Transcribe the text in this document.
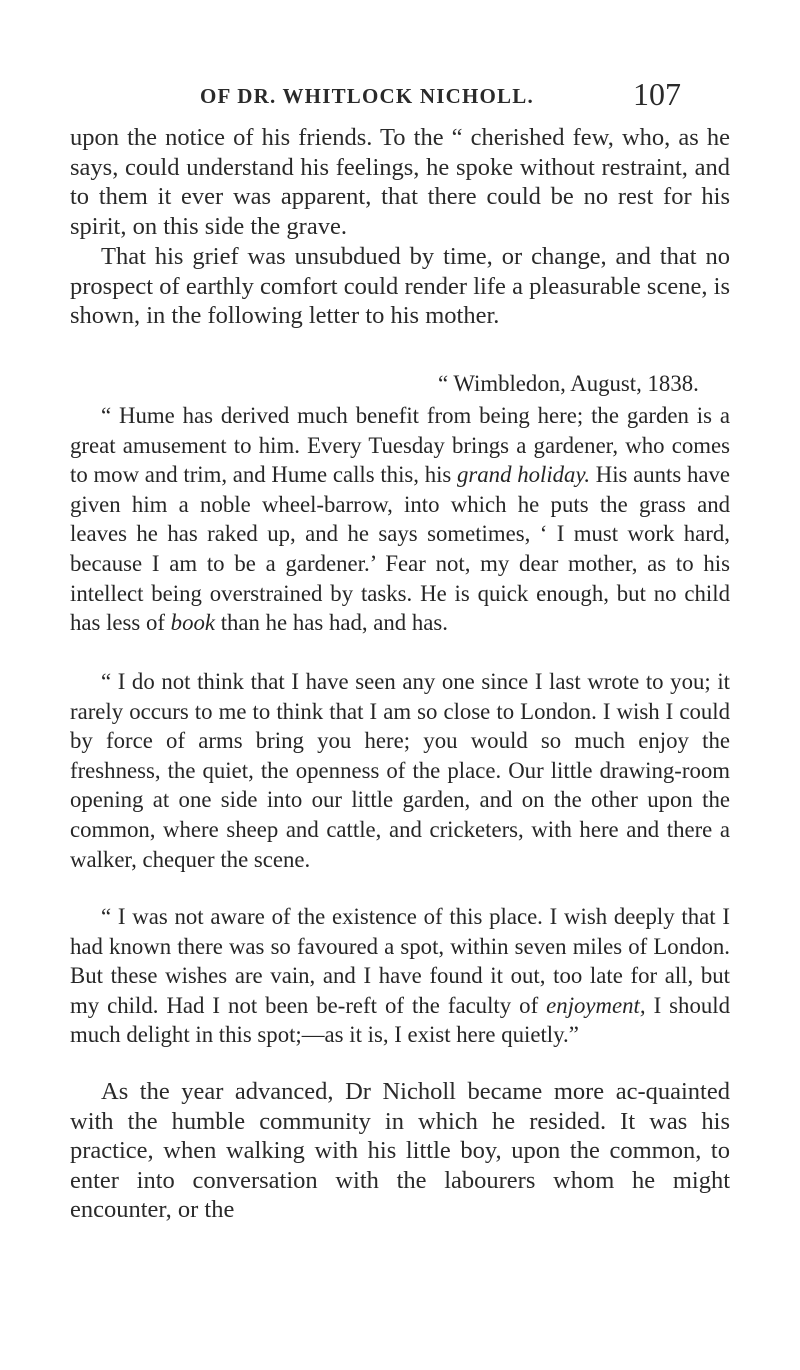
OF DR. WHITLOCK NICHOLL.	107

upon the notice of his friends. To the “ cherished few, who, as he says, could understand his feelings, he spoke without restraint, and to them it ever was apparent, that there could be no rest for his spirit, on this side the grave.

That his grief was unsubdued by time, or change, and that no prospect of earthly comfort could render life a pleasurable scene, is shown, in the following letter to his mother.

“ Wimbledon, August, 1838.

“ Hume has derived much benefit from being here; the garden is a great amusement to him. Every Tuesday brings a gardener, who comes to mow and trim, and Hume calls this, his grand holiday. His aunts have given him a noble wheel-barrow, into which he puts the grass and leaves he has raked up, and he says sometimes, ‘ I must work hard, because I am to be a gardener.’ Fear not, my dear mother, as to his intellect being overstrained by tasks. He is quick enough, but no child has less of book than he has had, and has.

“ I do not think that I have seen any one since I last wrote to you; it rarely occurs to me to think that I am so close to London. I wish I could by force of arms bring you here; you would so much enjoy the freshness, the quiet, the openness of the place. Our little drawing-room opening at one side into our little garden, and on the other upon the common, where sheep and cattle, and cricketers, with here and there a walker, chequer the scene.

“ I was not aware of the existence of this place. I wish deeply that I had known there was so favoured a spot, within seven miles of London. But these wishes are vain, and I have found it out, too late for all, but my child. Had I not been be-reft of the faculty of enjoyment, I should much delight in this spot;—as it is, I exist here quietly.”

As the year advanced, Dr Nicholl became more ac-quainted with the humble community in which he resided. It was his practice, when walking with his little boy, upon the common, to enter into conversation with the labourers whom he might encounter, or the
